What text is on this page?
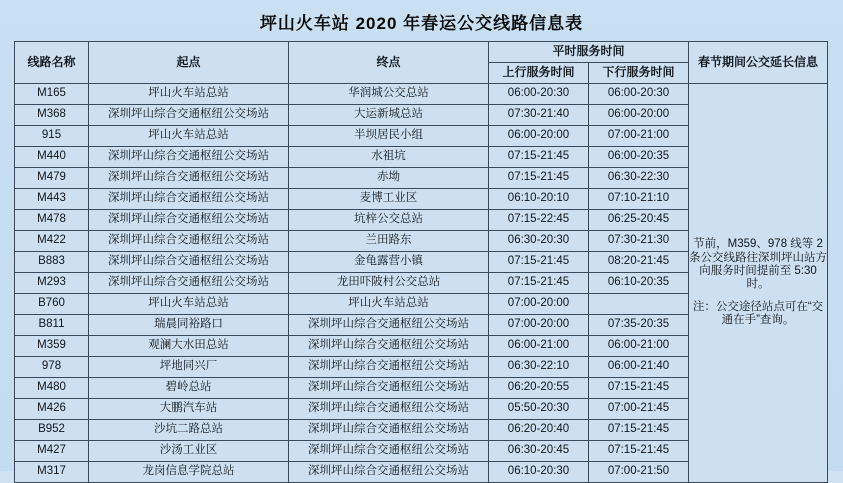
坪山火车站 2020 年春运公交线路信息表
线路名称	起点	终点	平时服务时间		春节期间公交延长信息
			上行服务时间	下行服务时间	
M165	坪山火车站总站	华润城公交总站	06:00-20:30	06:00-20:30	节前，M359、978 线等 2 条公交线路往深圳坪山站方向服务时间提前至 5:30 时。

注：公交途径站点可在“交通在手”查询。

M368	深圳坪山综合交通枢纽公交场站	大运新城总站	07:30-21:40	06:00-20:00	
915	坪山火车站总站	半坝居民小组	06:00-20:00	07:00-21:00	
M440	深圳坪山综合交通枢纽公交场站	水祖坑	07:15-21:45	06:00-20:35	
M479	深圳坪山综合交通枢纽公交场站	赤坳	07:15-21:45	06:30-22:30	
M443	深圳坪山综合交通枢纽公交场站	麦博工业区	06:10-20:10	07:10-21:10	
M478	深圳坪山综合交通枢纽公交场站	坑梓公交总站	07:15-22:45	06:25-20:45	
M422	深圳坪山综合交通枢纽公交场站	兰田路东	06:30-20:30	07:30-21:30	
B883	深圳坪山综合交通枢纽公交场站	金龟露营小镇	07:15-21:45	08:20-21:45	
M293	深圳坪山综合交通枢纽公交场站	龙田吓陂村公交总站	07:15-21:45	06:10-20:35	
B760	坪山火车站总站	坪山火车站总站	07:00-20:00		
B811	瑞晨同裕路口	深圳坪山综合交通枢纽公交场站	07:00-20:00	07:35-20:35	
M359	观澜大水田总站	深圳坪山综合交通枢纽公交场站	06:00-21:00	06:00-21:00	
978	坪地同兴厂	深圳坪山综合交通枢纽公交场站	06:30-22:10	06:00-21:40	
M480	碧岭总站	深圳坪山综合交通枢纽公交场站	06:20-20:55	07:15-21:45	
M426	大鹏汽车站	深圳坪山综合交通枢纽公交场站	05:50-20:30	07:00-21:45	
B952	沙坑二路总站	深圳坪山综合交通枢纽公交场站	06:20-20:40	07:15-21:45	
M427	沙汤工业区	深圳坪山综合交通枢纽公交场站	06:30-20:45	07:15-21:45	
M317	龙岗信息学院总站	深圳坪山综合交通枢纽公交场站	06:10-20:30	07:00-21:50	
